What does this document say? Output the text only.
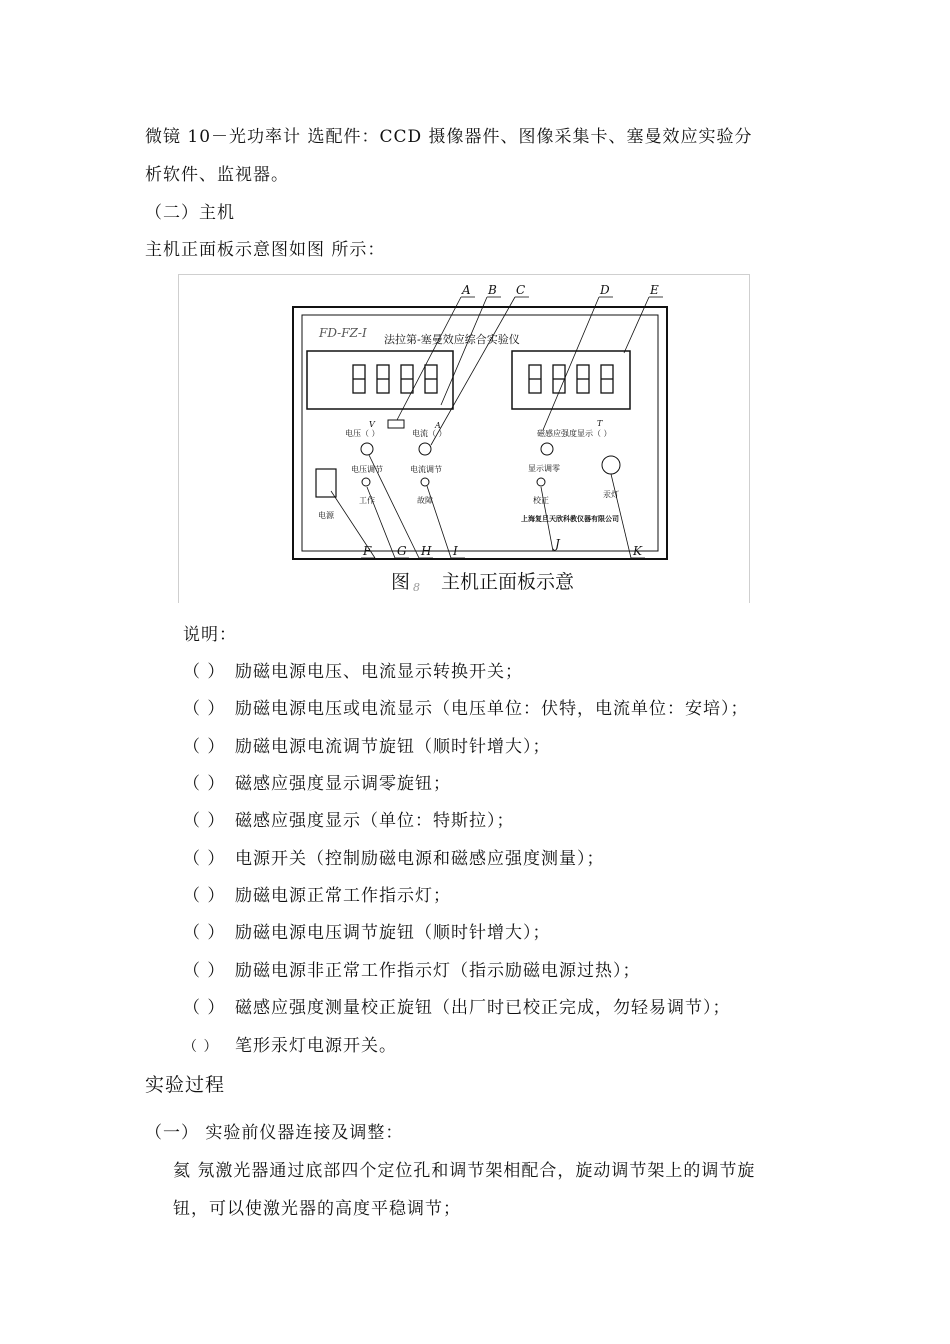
微镜 10－光功率计 选配件：CCD 摄像器件、图像采集卡、塞曼效应实验分
析软件、监视器。
（二）主机
主机正面板示意图如图 所示：
FD-FZ-I 法拉第-塞曼效应综合实验仪
V	A	T
电压（ ）	电流（ ）	磁感应强度显示（ ）
电压调节	电流调节	显示调零
工作	故障	校正
汞灯
电源	上海复旦天欣科教仪器有限公司
A B C	D	E
F G H I	J	K
图 8 主机正面板示意
说明：
（ ） 励磁电源电压、电流显示转换开关；
（ ） 励磁电源电压或电流显示（电压单位：伏特，电流单位：安培）；
（ ） 励磁电源电流调节旋钮（顺时针增大）；
（ ） 磁感应强度显示调零旋钮；
（ ） 磁感应强度显示（单位：特斯拉）；
（ ） 电源开关（控制励磁电源和磁感应强度测量）；
（ ） 励磁电源正常工作指示灯；
（ ） 励磁电源电压调节旋钮（顺时针增大）；
（ ） 励磁电源非正常工作指示灯（指示励磁电源过热）；
（ ） 磁感应强度测量校正旋钮（出厂时已校正完成，勿轻易调节）；
（ ） 笔形汞灯电源开关。
实验过程
（一） 实验前仪器连接及调整：
氦 氖激光器通过底部四个定位孔和调节架相配合，旋动调节架上的调节旋
钮，可以使激光器的高度平稳调节；
